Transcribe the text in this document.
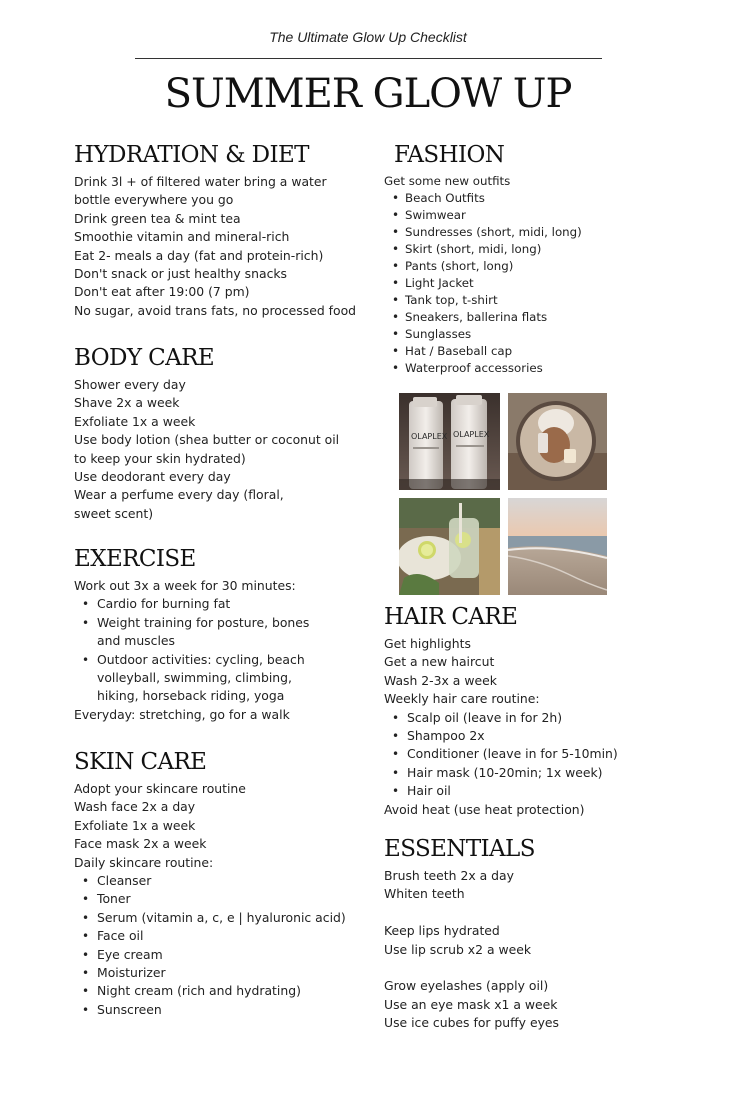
The Ultimate Glow Up Checklist
SUMMER GLOW UP
HYDRATION & DIET
Drink 3l + of filtered water bring a water bottle everywhere you go
Drink green tea & mint tea
Smoothie vitamin and mineral-rich
Eat 2- meals a day (fat and protein-rich)
Don't snack or just healthy snacks
Don't eat after 19:00 (7 pm)
No sugar, avoid trans fats, no processed food
BODY CARE
Shower every day
Shave 2x a week
Exfoliate 1x a week
Use body lotion (shea butter or coconut oil to keep your skin hydrated)
Use deodorant every day
Wear a perfume every day (floral, sweet scent)
EXERCISE
Work out 3x a week for 30 minutes:
• Cardio for burning fat
• Weight training for posture, bones and muscles
• Outdoor activities: cycling, beach volleyball, swimming, climbing, hiking, horseback riding, yoga
Everyday: stretching, go for a walk
SKIN CARE
Adopt your skincare routine
Wash face 2x a day
Exfoliate 1x a week
Face mask 2x a week
Daily skincare routine:
• Cleanser
• Toner
• Serum (vitamin a, c, e | hyaluronic acid)
• Face oil
• Eye cream
• Moisturizer
• Night cream (rich and hydrating)
• Sunscreen
FASHION
Get some new outfits
• Beach Outfits
• Swimwear
• Sundresses (short, midi, long)
• Skirt (short, midi, long)
• Pants (short, long)
• Light Jacket
• Tank top, t-shirt
• Sneakers, ballerina flats
• Sunglasses
• Hat / Baseball cap
• Waterproof accessories
HAIR CARE
Get highlights
Get a new haircut
Wash 2-3x a week
Weekly hair care routine:
• Scalp oil (leave in for 2h)
• Shampoo 2x
• Conditioner (leave in for 5-10min)
• Hair mask (10-20min; 1x week)
• Hair oil
Avoid heat (use heat protection)
ESSENTIALS
Brush teeth 2x a day
Whiten teeth
Keep lips hydrated
Use lip scrub x2 a week
Grow eyelashes (apply oil)
Use an eye mask x1 a week
Use ice cubes for puffy eyes
OLAPLEX OLAPLEX
